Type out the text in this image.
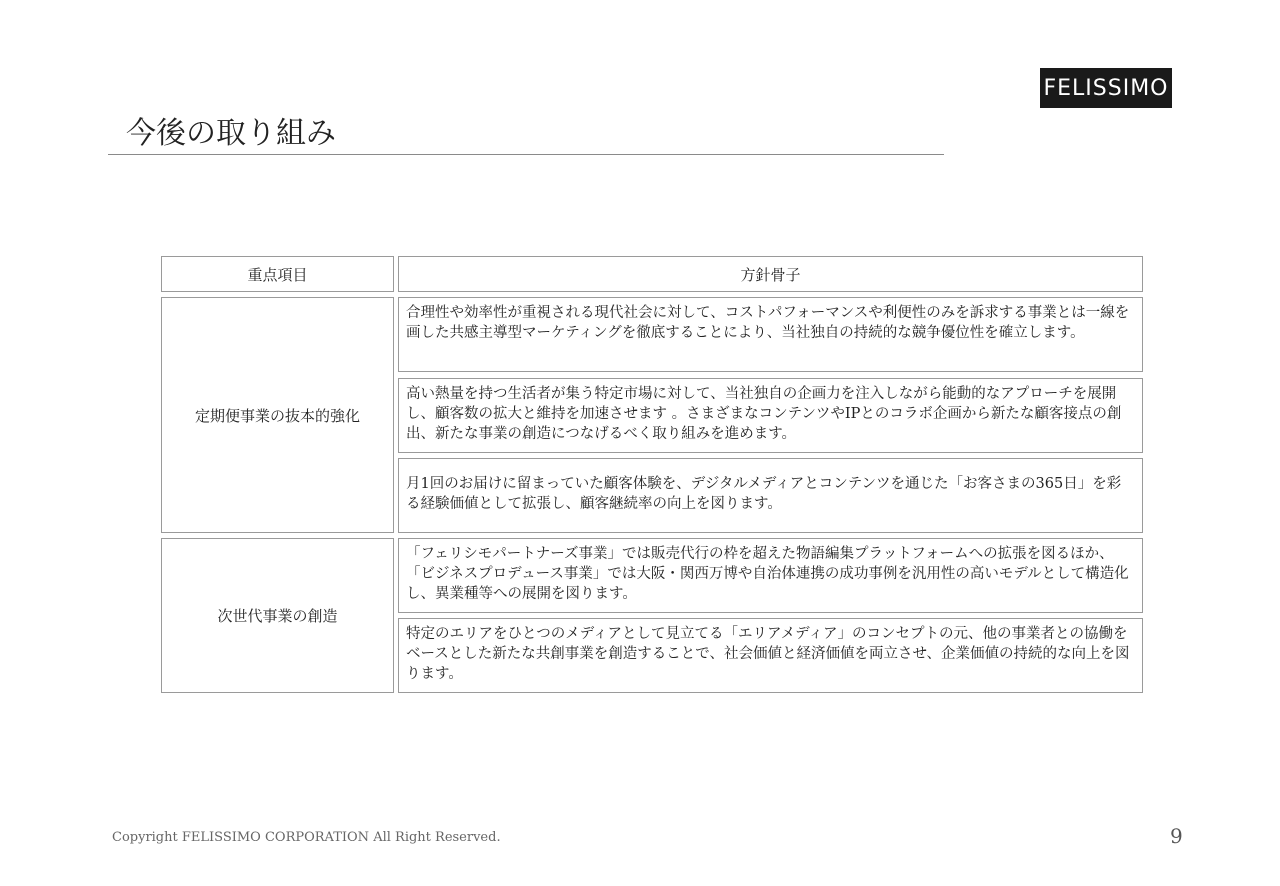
FELISSIMO
今後の取り組み
重点項目	方針骨子
定期便事業の抜本的強化
合理性や効率性が重視される現代社会に対して、コストパフォーマンスや利便性のみを訴求する事業とは一線を画した共感主導型マーケティングを徹底することにより、当社独自の持続的な競争優位性を確立します。
高い熱量を持つ生活者が集う特定市場に対して、当社独自の企画力を注入しながら能動的なアプローチを展開し、顧客数の拡大と維持を加速させます 。さまざまなコンテンツやIPとのコラボ企画から新たな顧客接点の創出、新たな事業の創造につなげるべく取り組みを進めます。
月1回のお届けに留まっていた顧客体験を、デジタルメディアとコンテンツを通じた「お客さまの365日」を彩る経験価値として拡張し、顧客継続率の向上を図ります。
次世代事業の創造
「フェリシモパートナーズ事業」では販売代行の枠を超えた物語編集プラットフォームへの拡張を図るほか、「ビジネスプロデュース事業」では大阪・関西万博や自治体連携の成功事例を汎用性の高いモデルとして構造化し、異業種等への展開を図ります。
特定のエリアをひとつのメディアとして見立てる「エリアメディア」のコンセプトの元、他の事業者との協働をベースとした新たな共創事業を創造することで、社会価値と経済価値を両立させ、企業価値の持続的な向上を図ります。
Copyright FELISSIMO CORPORATION All Right Reserved.	9
